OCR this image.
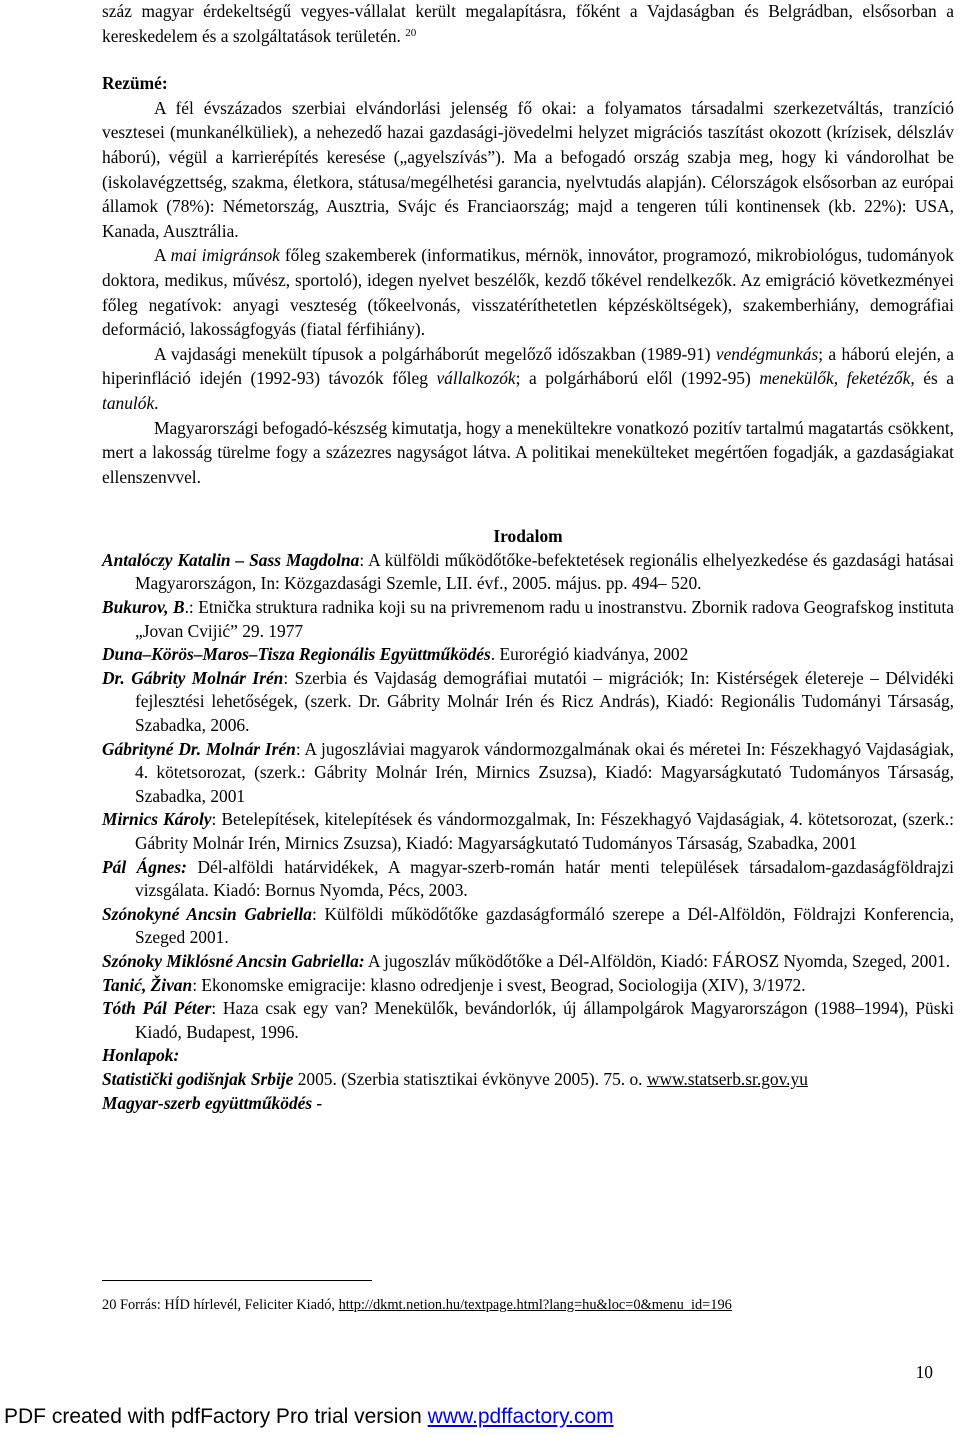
száz magyar érdekeltségű vegyes-vállalat került megalapításra, főként a Vajdaságban és Belgrádban, elsősorban a kereskedelem és a szolgáltatások területén. $^{20}$

Rezümé:

A fél évszázados szerbiai elvándorlási jelenség fő okai: a folyamatos társadalmi szerkezetváltás, tranzíció vesztesei (munkanélküliek), a nehezedő hazai gazdasági-jövedelmi helyzet migrációs taszítást okozott (krízisek, délszláv háború), végül a karrierépítés keresése („agyelszívás”). Ma a befogadó ország szabja meg, hogy ki vándorolhat be (iskolavégzettség, szakma, életkora, státusa/megélhetési garancia, nyelvtudás alapján). Célországok elsősorban az európai államok (78%): Németország, Ausztria, Svájc és Franciaország; majd a tengeren túli kontinensek (kb. 22%): USA, Kanada, Ausztrália.

A mai imigránsok főleg szakemberek (informatikus, mérnök, innovátor, programozó, mikrobiológus, tudományok doktora, medikus, művész, sportoló), idegen nyelvet beszélők, kezdő tőkével rendelkezők. Az emigráció következményei főleg negatívok: anyagi veszteség (tőkeelvonás, visszatéríthetetlen képzésköltségek), szakemberhiány, demográfiai deformáció, lakosságfogyás (fiatal férfihiány).

A vajdasági menekült típusok a polgárháborút megelőző időszakban (1989-91) vendégmunkás; a háború elején, a hiperinfláció idején (1992-93) távozók főleg vállalkozók; a polgárháború elől (1992-95) menekülők, feketézők, és a tanulók.

Magyarországi befogadó-készség kimutatja, hogy a menekültekre vonatkozó pozitív tartalmú magatartás csökkent, mert a lakosság türelme fogy a százezres nagyságot látva. A politikai menekülteket megértően fogadják, a gazdaságiakat ellenszenvvel.

Irodalom

Antalóczy Katalin – Sass Magdolna: A külföldi működőtőke-befektetések regionális elhelyezkedése és gazdasági hatásai Magyarországon, In: Közgazdasági Szemle, LII. évf., 2005. május. pp. 494– 520.

Bukurov, B.: Etnička struktura radnika koji su na privremenom radu u inostranstvu. Zbornik radova Geografskog instituta „Jovan Cvijić” 29. 1977

Duna–Körös–Maros–Tisza Regionális Együttműködés. Eurorégió kiadványa, 2002

Dr. Gábrity Molnár Irén: Szerbia és Vajdaság demográfiai mutatói – migrációk; In: Kistérségek életereje – Délvidéki fejlesztési lehetőségek, (szerk. Dr. Gábrity Molnár Irén és Ricz András), Kiadó: Regionális Tudományi Társaság, Szabadka, 2006.

Gábrityné Dr. Molnár Irén: A jugoszláviai magyarok vándormozgalmának okai és méretei In: Fészekhagyó Vajdaságiak, 4. kötetsorozat, (szerk.: Gábrity Molnár Irén, Mirnics Zsuzsa), Kiadó: Magyarságkutató Tudományos Társaság, Szabadka, 2001

Mirnics Károly: Betelepítések, kitelepítések és vándormozgalmak, In: Fészekhagyó Vajdaságiak, 4. kötetsorozat, (szerk.: Gábrity Molnár Irén, Mirnics Zsuzsa), Kiadó: Magyarságkutató Tudományos Társaság, Szabadka, 2001

Pál Ágnes: Dél-alföldi határvidékek, A magyar-szerb-román határ menti települések társadalom-gazdaságföldrajzi vizsgálata. Kiadó: Bornus Nyomda, Pécs, 2003.

Szónokyné Ancsin Gabriella: Külföldi működőtőke gazdaságformáló szerepe a Dél-Alföldön, Földrajzi Konferencia, Szeged 2001.

Szónoky Miklósné Ancsin Gabriella: A jugoszláv működőtőke a Dél-Alföldön, Kiadó: FÁROSZ Nyomda, Szeged, 2001.

Tanić, Živan: Ekonomske emigracije: klasno odredjenje i svest, Beograd, Sociologija (XIV), 3/1972.

Tóth Pál Péter: Haza csak egy van? Menekülők, bevándorlók, új állampolgárok Magyarországon (1988–1994), Püski Kiadó, Budapest, 1996.

Honlapok:

Statistički godišnjak Srbije 2005. (Szerbia statisztikai évkönyve 2005). 75. o. www.statserb.sr.gov.yu

Magyar-szerb együttműködés -

20 Forrás: HÍD hírlevél, Feliciter Kiadó, http://dkmt.netion.hu/textpage.html?lang=hu&loc=0&menu_id=196

10
PDF created with pdfFactory Pro trial version www.pdffactory.com
